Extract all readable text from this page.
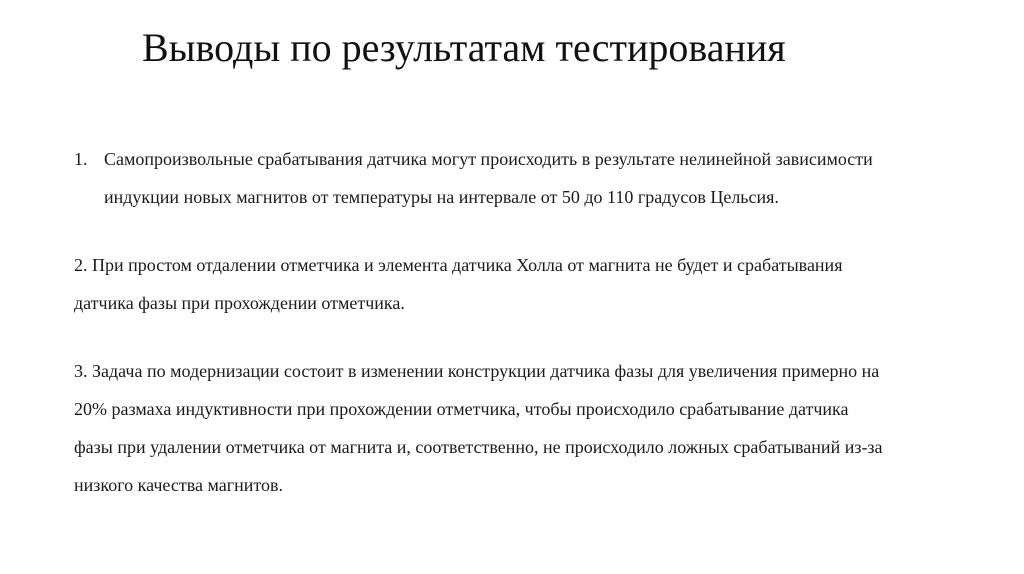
Выводы по результатам тестирования
1. Самопроизвольные срабатывания датчика могут происходить в результате нелинейной зависимости
индукции новых магнитов от температуры на интервале от 50 до 110 градусов Цельсия.
2. При простом отдалении отметчика и элемента датчика Холла от магнита не будет и срабатывания
датчика фазы при прохождении отметчика.
3. Задача по модернизации состоит в изменении конструкции датчика фазы для увеличения примерно на
20% размаха индуктивности при прохождении отметчика, чтобы происходило срабатывание датчика
фазы при удалении отметчика от магнита и, соответственно, не происходило ложных срабатываний из-за
низкого качества магнитов.
